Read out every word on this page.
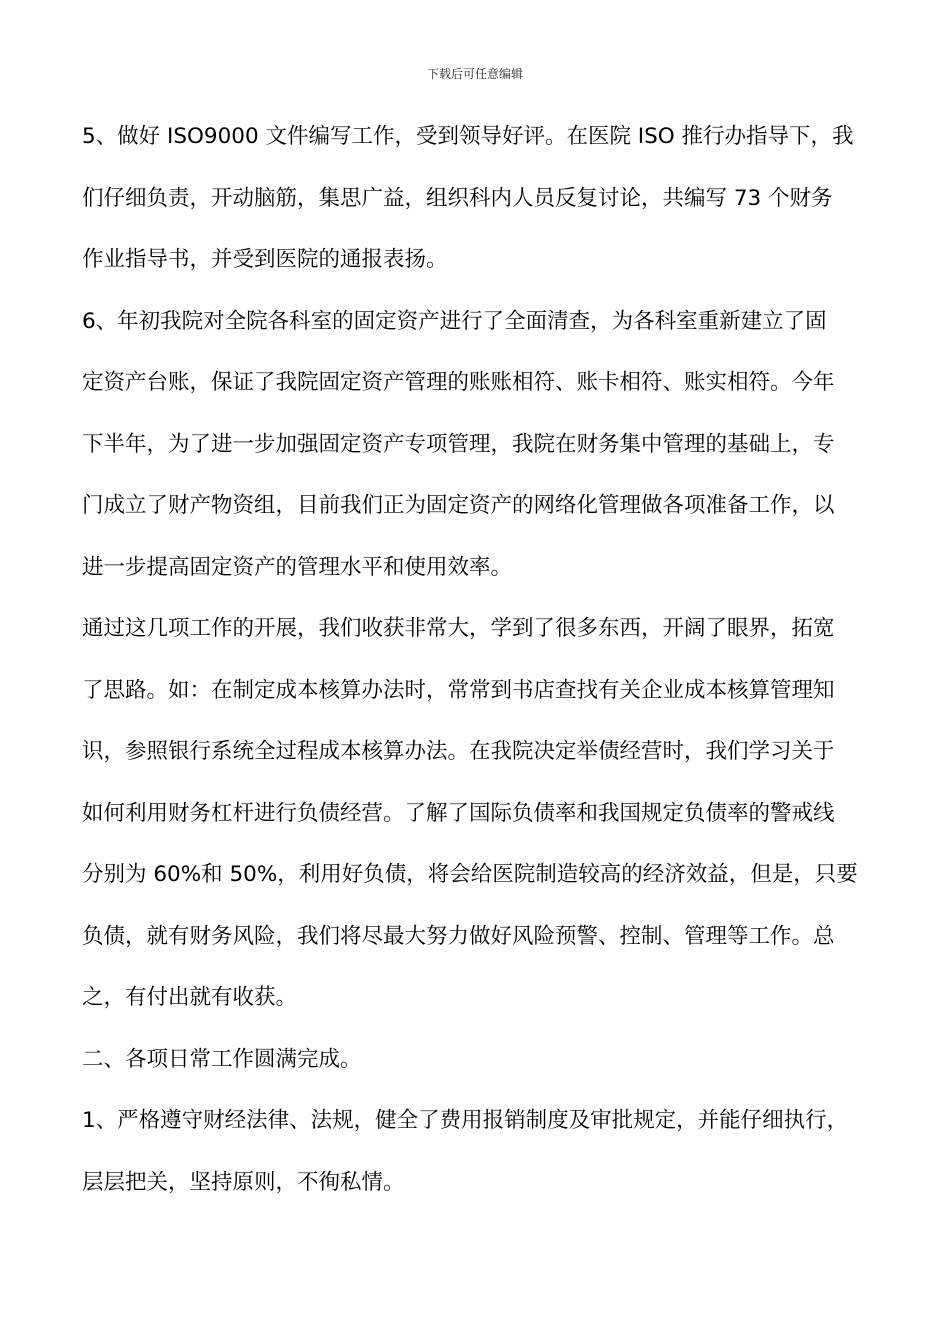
下载后可任意编辑
5、做好 ISO9000 文件编写工作，受到领导好评。在医院 ISO 推行办指导下，我
们仔细负责，开动脑筋，集思广益，组织科内人员反复讨论，共编写 73 个财务
作业指导书，并受到医院的通报表扬。
6、年初我院对全院各科室的固定资产进行了全面清查，为各科室重新建立了固
定资产台账，保证了我院固定资产管理的账账相符、账卡相符、账实相符。今年
下半年，为了进一步加强固定资产专项管理，我院在财务集中管理的基础上，专
门成立了财产物资组，目前我们正为固定资产的网络化管理做各项准备工作，以
进一步提高固定资产的管理水平和使用效率。
通过这几项工作的开展，我们收获非常大，学到了很多东西，开阔了眼界，拓宽
了思路。如：在制定成本核算办法时，常常到书店查找有关企业成本核算管理知
识，参照银行系统全过程成本核算办法。在我院决定举债经营时，我们学习关于
如何利用财务杠杆进行负债经营。了解了国际负债率和我国规定负债率的警戒线
分别为 60%和 50%，利用好负债，将会给医院制造较高的经济效益，但是，只要
负债，就有财务风险，我们将尽最大努力做好风险预警、控制、管理等工作。总
之，有付出就有收获。
二、各项日常工作圆满完成。
1、严格遵守财经法律、法规，健全了费用报销制度及审批规定，并能仔细执行，
层层把关，坚持原则，不徇私情。
